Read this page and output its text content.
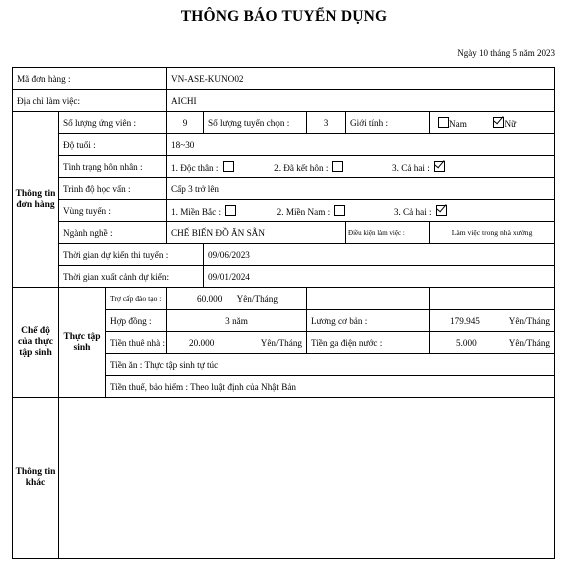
THÔNG BÁO TUYỂN DỤNG
Ngày 10 tháng 5 năm 2023
Mã đơn hàng :			VN-ASE-KUNO02				
Địa chỉ làm việc:			AICHI				
Thông tin đơn hàng	Số lượng ứng viên :		9	Số lượng tuyển chọn :	3	Giới tính :	Nam Nữ
	Độ tuổi :		18~30				
	Tình trạng hôn nhân :		1. Độc thân : 2. Đã kết hôn : 3. Cả hai :				
	Trình độ học vấn :		Cấp 3 trở lên				
	Vùng tuyển :		1. Miền Bắc : 2. Miền Nam : 3. Cả hai :				
	Ngành nghề :		CHẾ BIẾN ĐỒ ĂN SẴN			Điều kiện làm việc :	Làm việc trong nhà xưởng
	Thời gian dự kiến thi tuyển :			09/06/2023			
	Thời gian xuất cảnh dự kiến:			09/01/2024			
Chế độ của thực tập sinh	Thực tập sinh	Trợ cấp đào tạo :	60.000 Yên/Tháng				
		Hợp đồng :	3 năm		Lương cơ bản :		179.945 Yên/Tháng

		Tiền thuê nhà :	20.000 Yên/Tháng		Tiền ga điện nước :		5.000 Yên/Tháng

		Tiền ăn : Thực tập sinh tự túc					
		Tiền thuế, bảo hiểm : Theo luật định của Nhật Bản					
Thông tin khác							
